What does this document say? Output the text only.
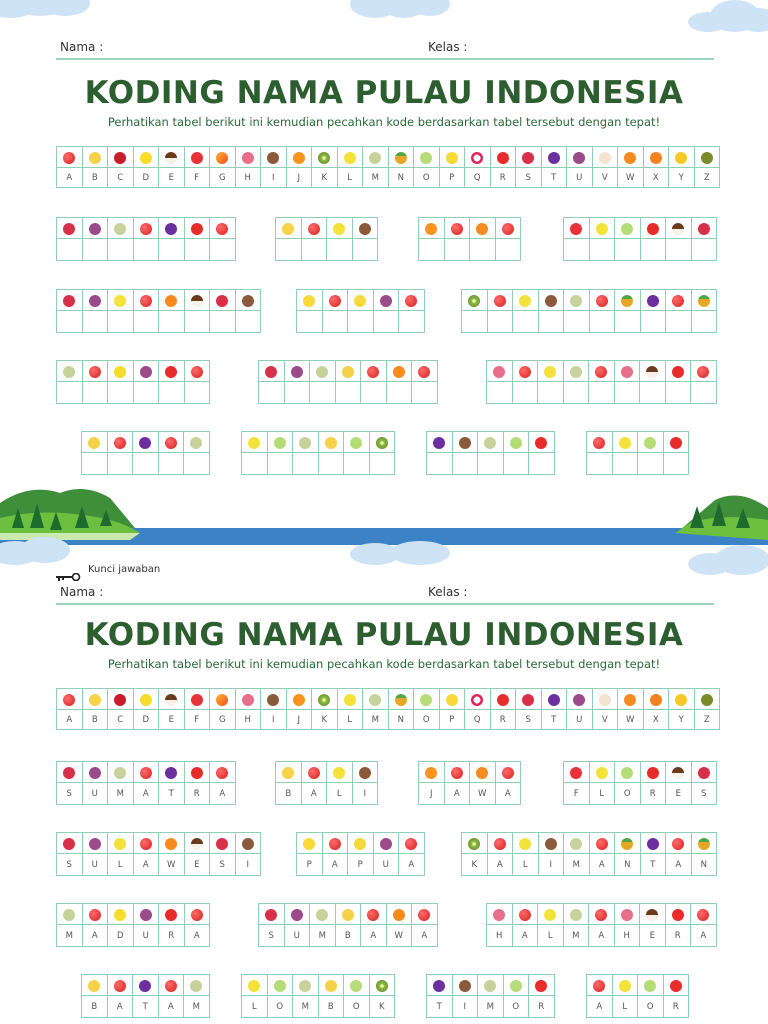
Nama :	Kelas :
KODING NAMA PULAU INDONESIA
Perhatikan tabel berikut ini kemudian pecahkan kode berdasarkan tabel tersebut dengan tepat!

A	B	C	D	E	F	G	H	I	J	K	L	M	N	O	P	Q	R	S	T	U	V	W	X	Y	Z
Kunci jawaban
Nama :	Kelas :
KODING NAMA PULAU INDONESIA
Perhatikan tabel berikut ini kemudian pecahkan kode berdasarkan tabel tersebut dengan tepat!

A	B	C	D	E	F	G	H	I	J	K	L	M	N	O	P	Q	R	S	T	U	V	W	X	Y	Z

S	U	M	A	T	R	A
				B	A	L	I
				J	A	W	A
						F	L	O	R	E	S

S	U	L	A	W	E	S	I
					P	A	P	U	A
										K	A	L	I	M	A	N	T	A	N

M	A	D	U	R	A
							S	U	M	B	A	W	A
									H	A	L	M	A	H	E	R	A

B	A	T	A	M
						L	O	M	B	O	K
					T	I	M	O	R
				A	L	O	R
